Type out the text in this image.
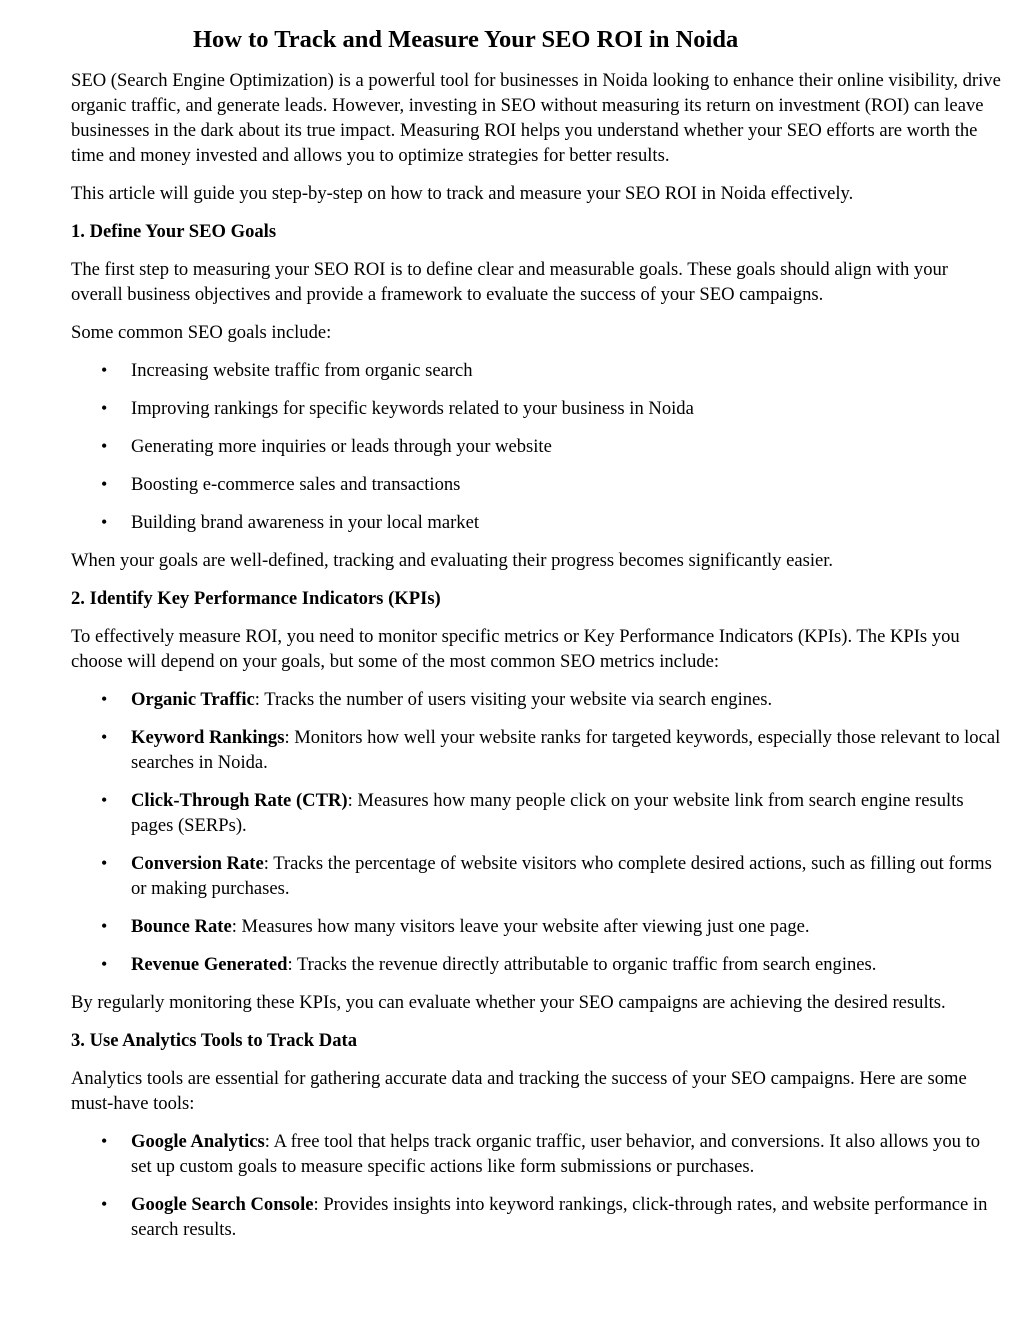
How to Track and Measure Your SEO ROI in Noida

SEO (Search Engine Optimization) is a powerful tool for businesses in Noida looking to enhance their online visibility, drive organic traffic, and generate leads. However, investing in SEO without measuring its return on investment (ROI) can leave businesses in the dark about its true impact. Measuring ROI helps you understand whether your SEO efforts are worth the time and money invested and allows you to optimize strategies for better results.

This article will guide you step-by-step on how to track and measure your SEO ROI in Noida effectively.

1. Define Your SEO Goals

The first step to measuring your SEO ROI is to define clear and measurable goals. These goals should align with your overall business objectives and provide a framework to evaluate the success of your SEO campaigns.

Some common SEO goals include:

• Increasing website traffic from organic search
• Improving rankings for specific keywords related to your business in Noida
• Generating more inquiries or leads through your website
• Boosting e-commerce sales and transactions
• Building brand awareness in your local market

When your goals are well-defined, tracking and evaluating their progress becomes significantly easier.

2. Identify Key Performance Indicators (KPIs)

To effectively measure ROI, you need to monitor specific metrics or Key Performance Indicators (KPIs). The KPIs you choose will depend on your goals, but some of the most common SEO metrics include:

• Organic Traffic: Tracks the number of users visiting your website via search engines.
• Keyword Rankings: Monitors how well your website ranks for targeted keywords, especially those relevant to local searches in Noida.
• Click-Through Rate (CTR): Measures how many people click on your website link from search engine results pages (SERPs).
• Conversion Rate: Tracks the percentage of website visitors who complete desired actions, such as filling out forms or making purchases.
• Bounce Rate: Measures how many visitors leave your website after viewing just one page.
• Revenue Generated: Tracks the revenue directly attributable to organic traffic from search engines.

By regularly monitoring these KPIs, you can evaluate whether your SEO campaigns are achieving the desired results.

3. Use Analytics Tools to Track Data

Analytics tools are essential for gathering accurate data and tracking the success of your SEO campaigns. Here are some must-have tools:

• Google Analytics: A free tool that helps track organic traffic, user behavior, and conversions. It also allows you to set up custom goals to measure specific actions like form submissions or purchases.
• Google Search Console: Provides insights into keyword rankings, click-through rates, and website performance in search results.
